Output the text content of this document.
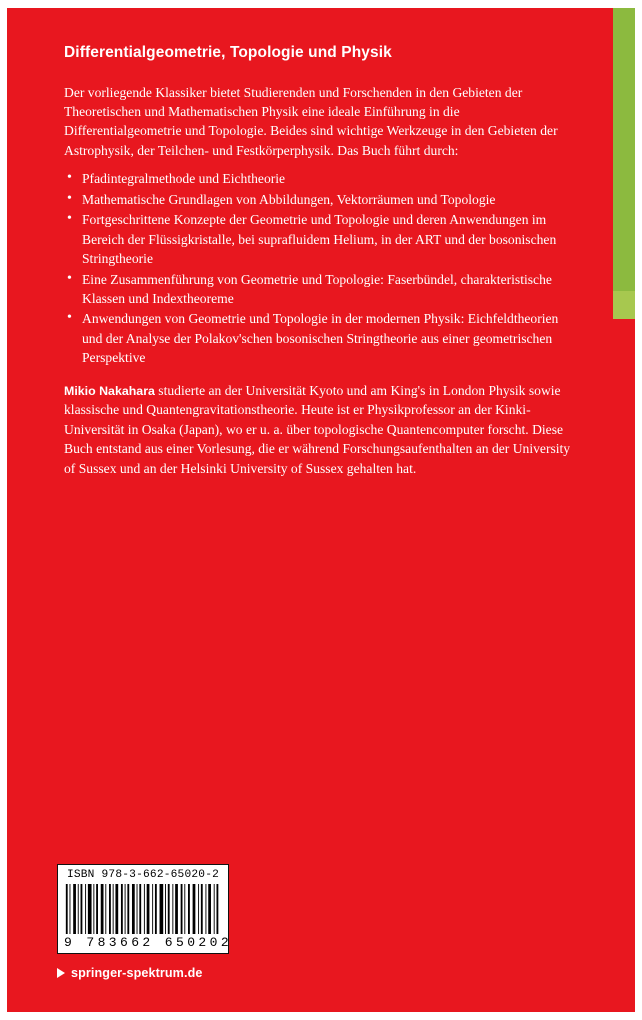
Differentialgeometrie, Topologie und Physik

Der vorliegende Klassiker bietet Studierenden und Forschenden in den Gebieten der Theoretischen und Mathematischen Physik eine ideale Einführung in die Differentialgeometrie und Topologie. Beides sind wichtige Werkzeuge in den Gebieten der Astrophysik, der Teilchen- und Festkörperphysik. Das Buch führt durch:

• Pfadintegralmethode und Eichtheorie
• Mathematische Grundlagen von Abbildungen, Vektorräumen und Topologie
• Fortgeschrittene Konzepte der Geometrie und Topologie und deren Anwendungen im Bereich der Flüssigkristalle, bei suprafluidem Helium, in der ART und der bosonischen Stringtheorie
• Eine Zusammenführung von Geometrie und Topologie: Faserbündel, charakteristische Klassen und Indextheoreme
• Anwendungen von Geometrie und Topologie in der modernen Physik: Eichfeldtheorien und der Analyse der Polakov'schen bosonischen Stringtheorie aus einer geometrischen Perspektive

Mikio Nakahara studierte an der Universität Kyoto und am King's in London Physik sowie klassische und Quantengravitationstheorie. Heute ist er Physikprofessor an der Kinki-Universität in Osaka (Japan), wo er u. a. über topologische Quantencomputer forscht. Diese Buch entstand aus einer Vorlesung, die er während Forschungsaufenthalten an der University of Sussex und an der Helsinki University of Sussex gehalten hat.

ISBN 978-3-662-65020-2
9 783662 650202
springer-spektrum.de
